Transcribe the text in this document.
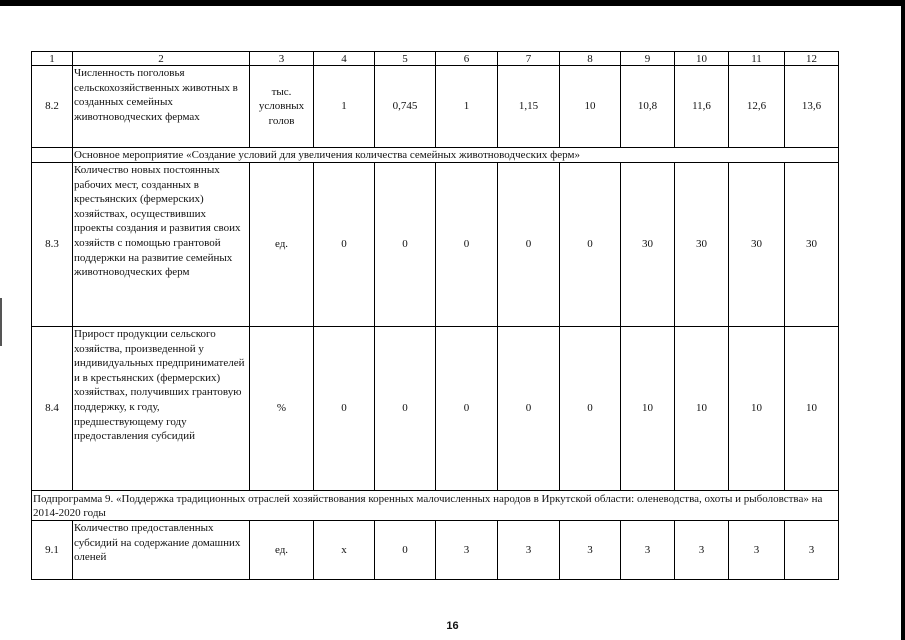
1	2	3	4	5	6	7	8	9	10	11	12
8.2	Численность поголовья сельскохозяйственных животных в созданных семейных животноводческих фермах	тыс. условных голов	1	0,745	1	1,15	10	10,8	11,6	12,6	13,6
	Основное мероприятие «Создание условий для увеличения количества семейных животноводческих ферм»										
8.3	Количество новых постоянных рабочих мест, созданных в крестьянских (фермерских) хозяйствах, осуществивших проекты создания и развития своих хозяйств с помощью грантовой поддержки на развитие семейных животноводческих ферм	ед.	0	0	0	0	0	30	30	30	30
8.4	Прирост продукции сельского хозяйства, произведенной у индивидуальных предпринимателей и в крестьянских (фермерских) хозяйствах, получивших грантовую поддержку, к году, предшествующему году предоставления субсидий	%	0	0	0	0	0	10	10	10	10
Подпрограмма 9. «Поддержка традиционных отраслей хозяйствования коренных малочисленных народов в Иркутской области: оленеводства, охоты и рыболовства» на 2014-2020 годы											
9.1	Количество предоставленных субсидий на содержание домашних оленей	ед.	х	0	3	3	3	3	3	3	3
16
